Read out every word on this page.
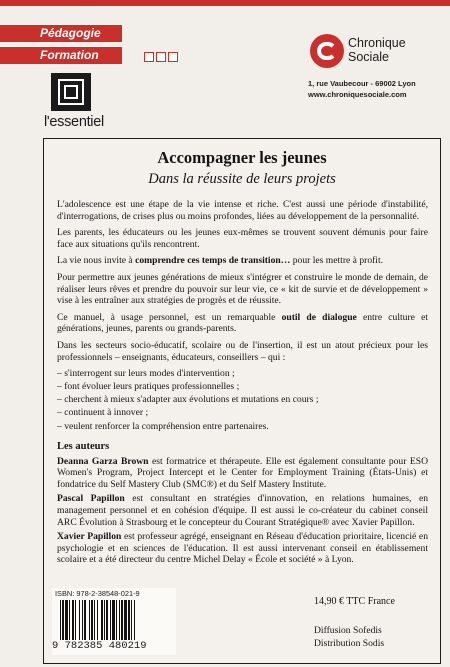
Pédagogie
Formation
Chronique
Sociale
1, rue Vaubecour - 69002 Lyon
www.chroniquesociale.com
l'essentiel
Accompagner les jeunes
Dans la réussite de leurs projets

L'adolescence est une étape de la vie intense et riche. C'est aussi une période d'instabilité, d'interrogations, de crises plus ou moins profondes, liées au développement de la personnalité.

Les parents, les éducateurs ou les jeunes eux-mêmes se trouvent souvent démunis pour faire face aux situations qu'ils rencontrent.

La vie nous invite à comprendre ces temps de transition… pour les mettre à profit.

Pour permettre aux jeunes générations de mieux s'intégrer et construire le monde de demain, de réaliser leurs rêves et prendre du pouvoir sur leur vie, ce « kit de survie et de développement » vise à les entraîner aux stratégies de progrès et de réussite.

Ce manuel, à usage personnel, est un remarquable outil de dialogue entre culture et générations, jeunes, parents ou grands-parents.

Dans les secteurs socio-éducatif, scolaire ou de l'insertion, il est un atout précieux pour les professionnels – enseignants, éducateurs, conseillers – qui :

– s'interrogent sur leurs modes d'intervention ;

– font évoluer leurs pratiques professionnelles ;

– cherchent à mieux s'adapter aux évolutions et mutations en cours ;

– continuent à innover ;

– veulent renforcer la compréhension entre partenaires.

Les auteurs

Deanna Garza Brown est formatrice et thérapeute. Elle est également consultante pour ESO Women's Program, Project Intercept et le Center for Employment Training (États-Unis) et fondatrice du Self Mastery Club (SMC®) et du Self Mastery Institute.

Pascal Papillon est consultant en stratégies d'innovation, en relations humaines, en management personnel et en cohésion d'équipe. Il est aussi le co-créateur du cabinet conseil ARC Évolution à Strasbourg et le concepteur du Courant Stratégique® avec Xavier Papillon.

Xavier Papillon est professeur agrégé, enseignant en Réseau d'éducation prioritaire, licencié en psychologie et en sciences de l'éducation. Il est aussi intervenant conseil en établissement scolaire et a été directeur du centre Michel Delay « École et société » à Lyon.

ISBN: 978-2-38548-021-9
9 782385 480219
14,90 € TTC France
Diffusion Sofedis
Distribution Sodis
